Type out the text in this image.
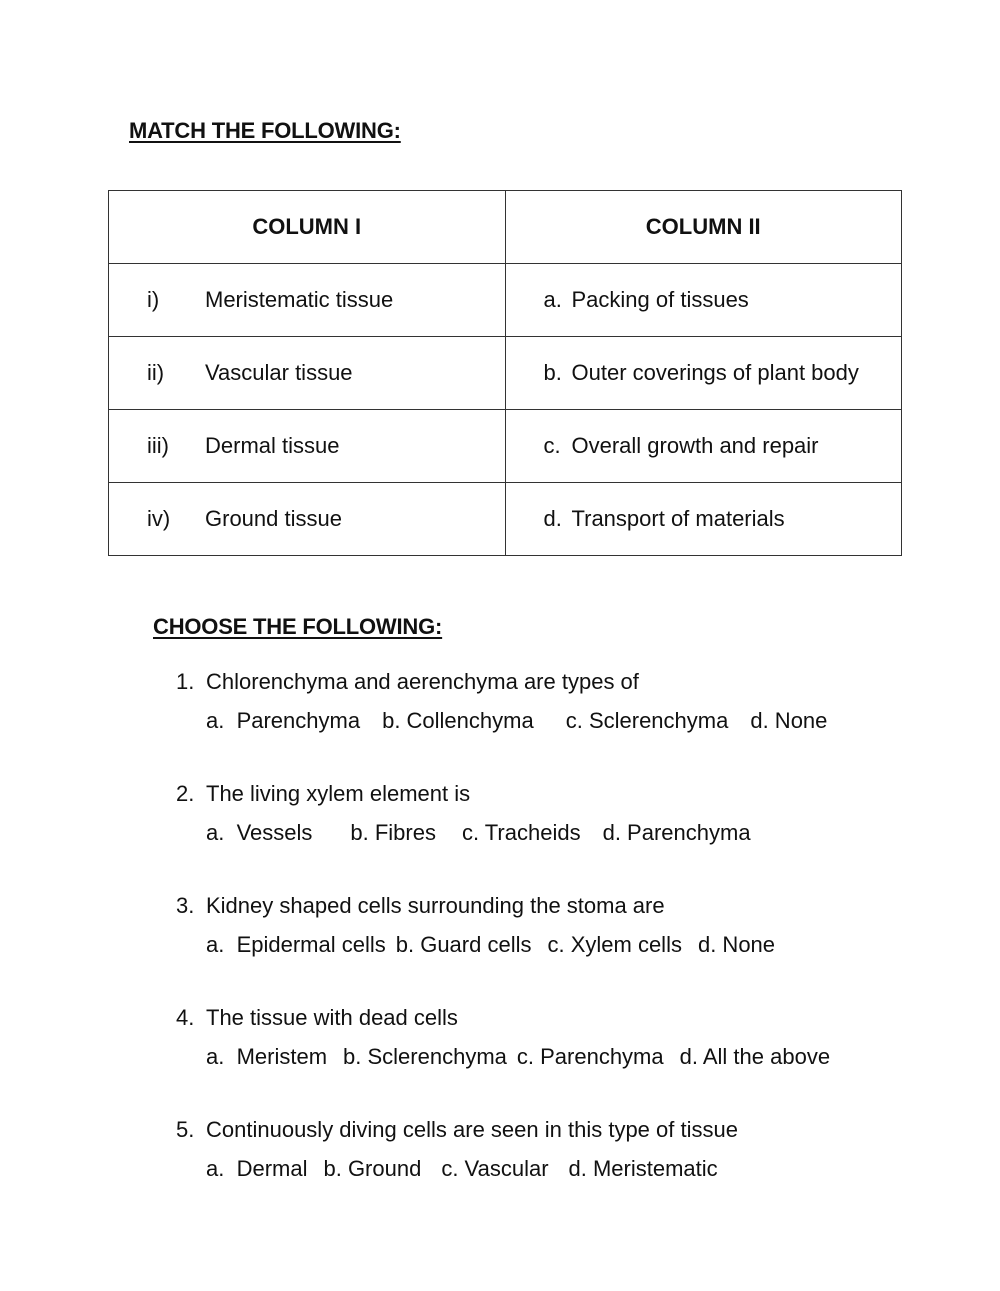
MATCH THE FOLLOWING:
COLUMN I	COLUMN II
i) Meristematic tissue	a. Packing of tissues
ii) Vascular tissue	b. Outer coverings of plant body
iii) Dermal tissue	c. Overall growth and repair
iv) Ground tissue	d. Transport of materials
CHOOSE THE FOLLOWING:
1. Chlorenchyma and aerenchyma are types of
a.  Parenchyma b. Collenchyma c. Sclerenchyma d. None
2. The living xylem element is
a.  Vessels b. Fibres c. Tracheids d. Parenchyma
3. Kidney shaped cells surrounding the stoma are
a.  Epidermal cells b. Guard cells c. Xylem cells d. None
4. The tissue with dead cells
a.  Meristem b. Sclerenchyma c. Parenchyma d. All the above
5. Continuously diving cells are seen in this type of tissue
a.  Dermal b. Ground c. Vascular d. Meristematic
